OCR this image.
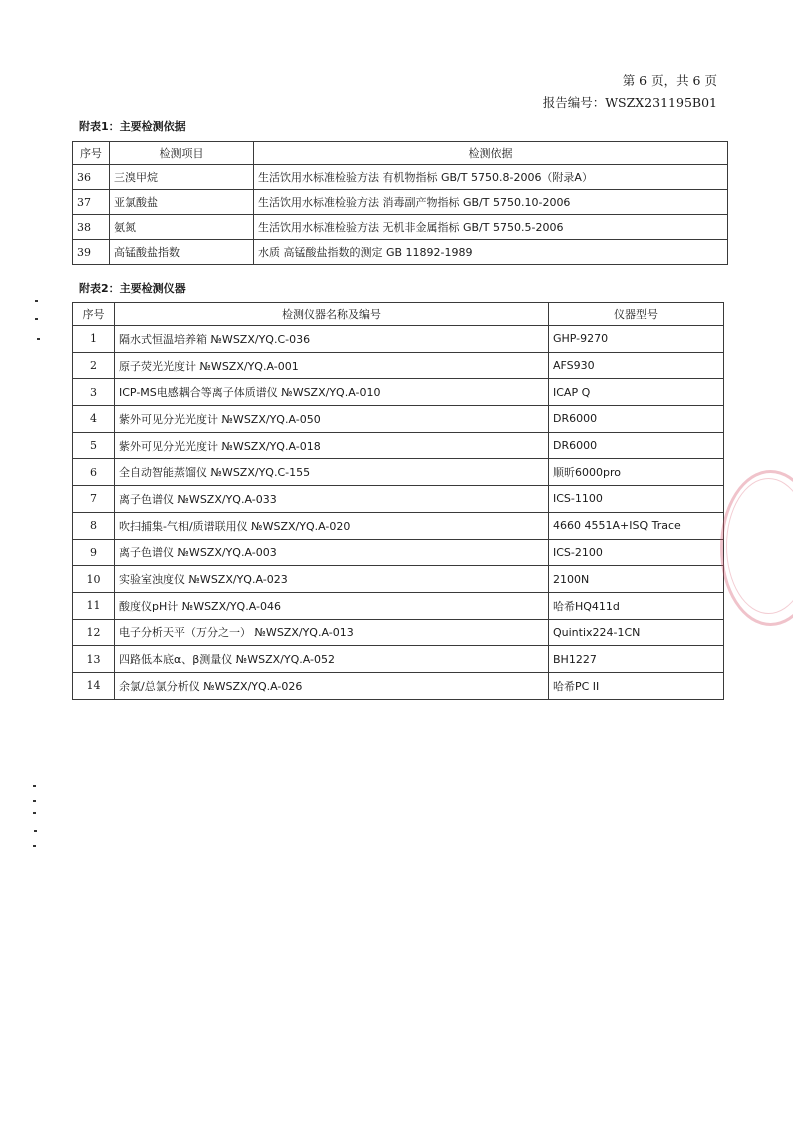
第 6 页，共 6 页
报告编号：WSZX231195B01
附表1：主要检测依据
序号	检测项目	检测依据
36	三溴甲烷	生活饮用水标准检验方法 有机物指标 GB/T 5750.8-2006（附录A）
37	亚氯酸盐	生活饮用水标准检验方法 消毒副产物指标 GB/T 5750.10-2006
38	氨氮	生活饮用水标准检验方法 无机非金属指标 GB/T 5750.5-2006
39	高锰酸盐指数	水质 高锰酸盐指数的测定 GB 11892-1989
附表2：主要检测仪器
序号	检测仪器名称及编号	仪器型号
1	隔水式恒温培养箱 №WSZX/YQ.C-036	GHP-9270
2	原子荧光光度计 №WSZX/YQ.A-001	AFS930
3	ICP-MS电感耦合等离子体质谱仪 №WSZX/YQ.A-010	ICAP Q
4	紫外可见分光光度计 №WSZX/YQ.A-050	DR6000
5	紫外可见分光光度计 №WSZX/YQ.A-018	DR6000
6	全自动智能蒸馏仪 №WSZX/YQ.C-155	顺昕6000pro
7	离子色谱仪 №WSZX/YQ.A-033	ICS-1100
8	吹扫捕集-气相/质谱联用仪 №WSZX/YQ.A-020	4660 4551A+ISQ Trace
9	离子色谱仪 №WSZX/YQ.A-003	ICS-2100
10	实验室浊度仪 №WSZX/YQ.A-023	2100N
11	酸度仪pH计 №WSZX/YQ.A-046	哈希HQ411d
12	电子分析天平（万分之一） №WSZX/YQ.A-013	Quintix224-1CN
13	四路低本底α、β测量仪 №WSZX/YQ.A-052	BH1227
14	余氯/总氯分析仪 №WSZX/YQ.A-026	哈希PC II
